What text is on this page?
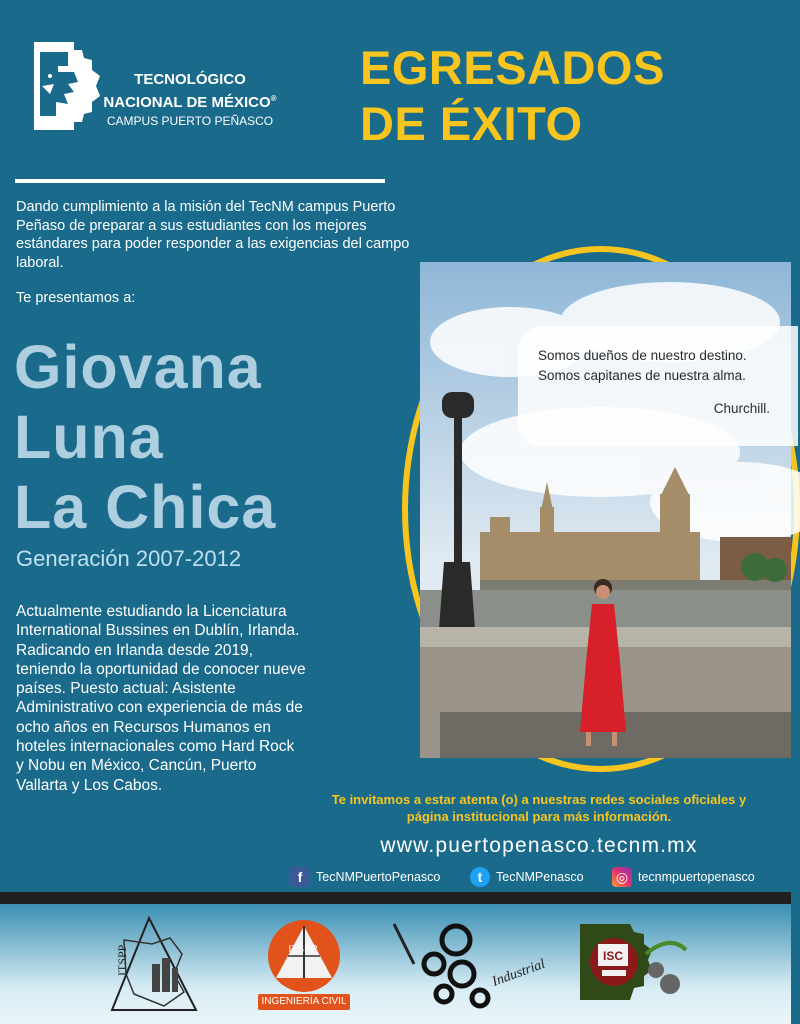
TECNOLÓGICO
NACIONAL DE MÉXICO®
CAMPUS PUERTO PEÑASCO
EGRESADOS
DE ÉXITO
Dando cumplimiento a la misión del TecNM campus Puerto Peñaso de preparar a sus estudiantes con los mejores estándares para poder responder a las exigencias del campo laboral.
Te presentamos a:
Giovana
Luna
La Chica
Generación 2007-2012
Actualmente estudiando la Licenciatura International Bussines en Dublín, Irlanda. Radicando en Irlanda desde 2019, teniendo la oportunidad de conocer nueve países. Puesto actual: Asistente Administrativo con experiencia de más de ocho años en Recursos Humanos en hoteles internacionales como Hard Rock y Nobu en México, Cancún, Puerto Vallarta y Los Cabos.
Somos dueños de nuestro destino.
Somos capitanes de nuestra alma.
Churchill.
Te invitamos a estar atenta (o) a nuestras redes sociales oficiales y página institucional para más información.
www.puertopenasco.tecnm.mx
f	TecNMPuertoPenasco	t	TecNMPenasco ◎ tecnmpuertopenasco
ITSPP	ITSPP
INGENIERÍA CIVIL
Industrial
ISC
